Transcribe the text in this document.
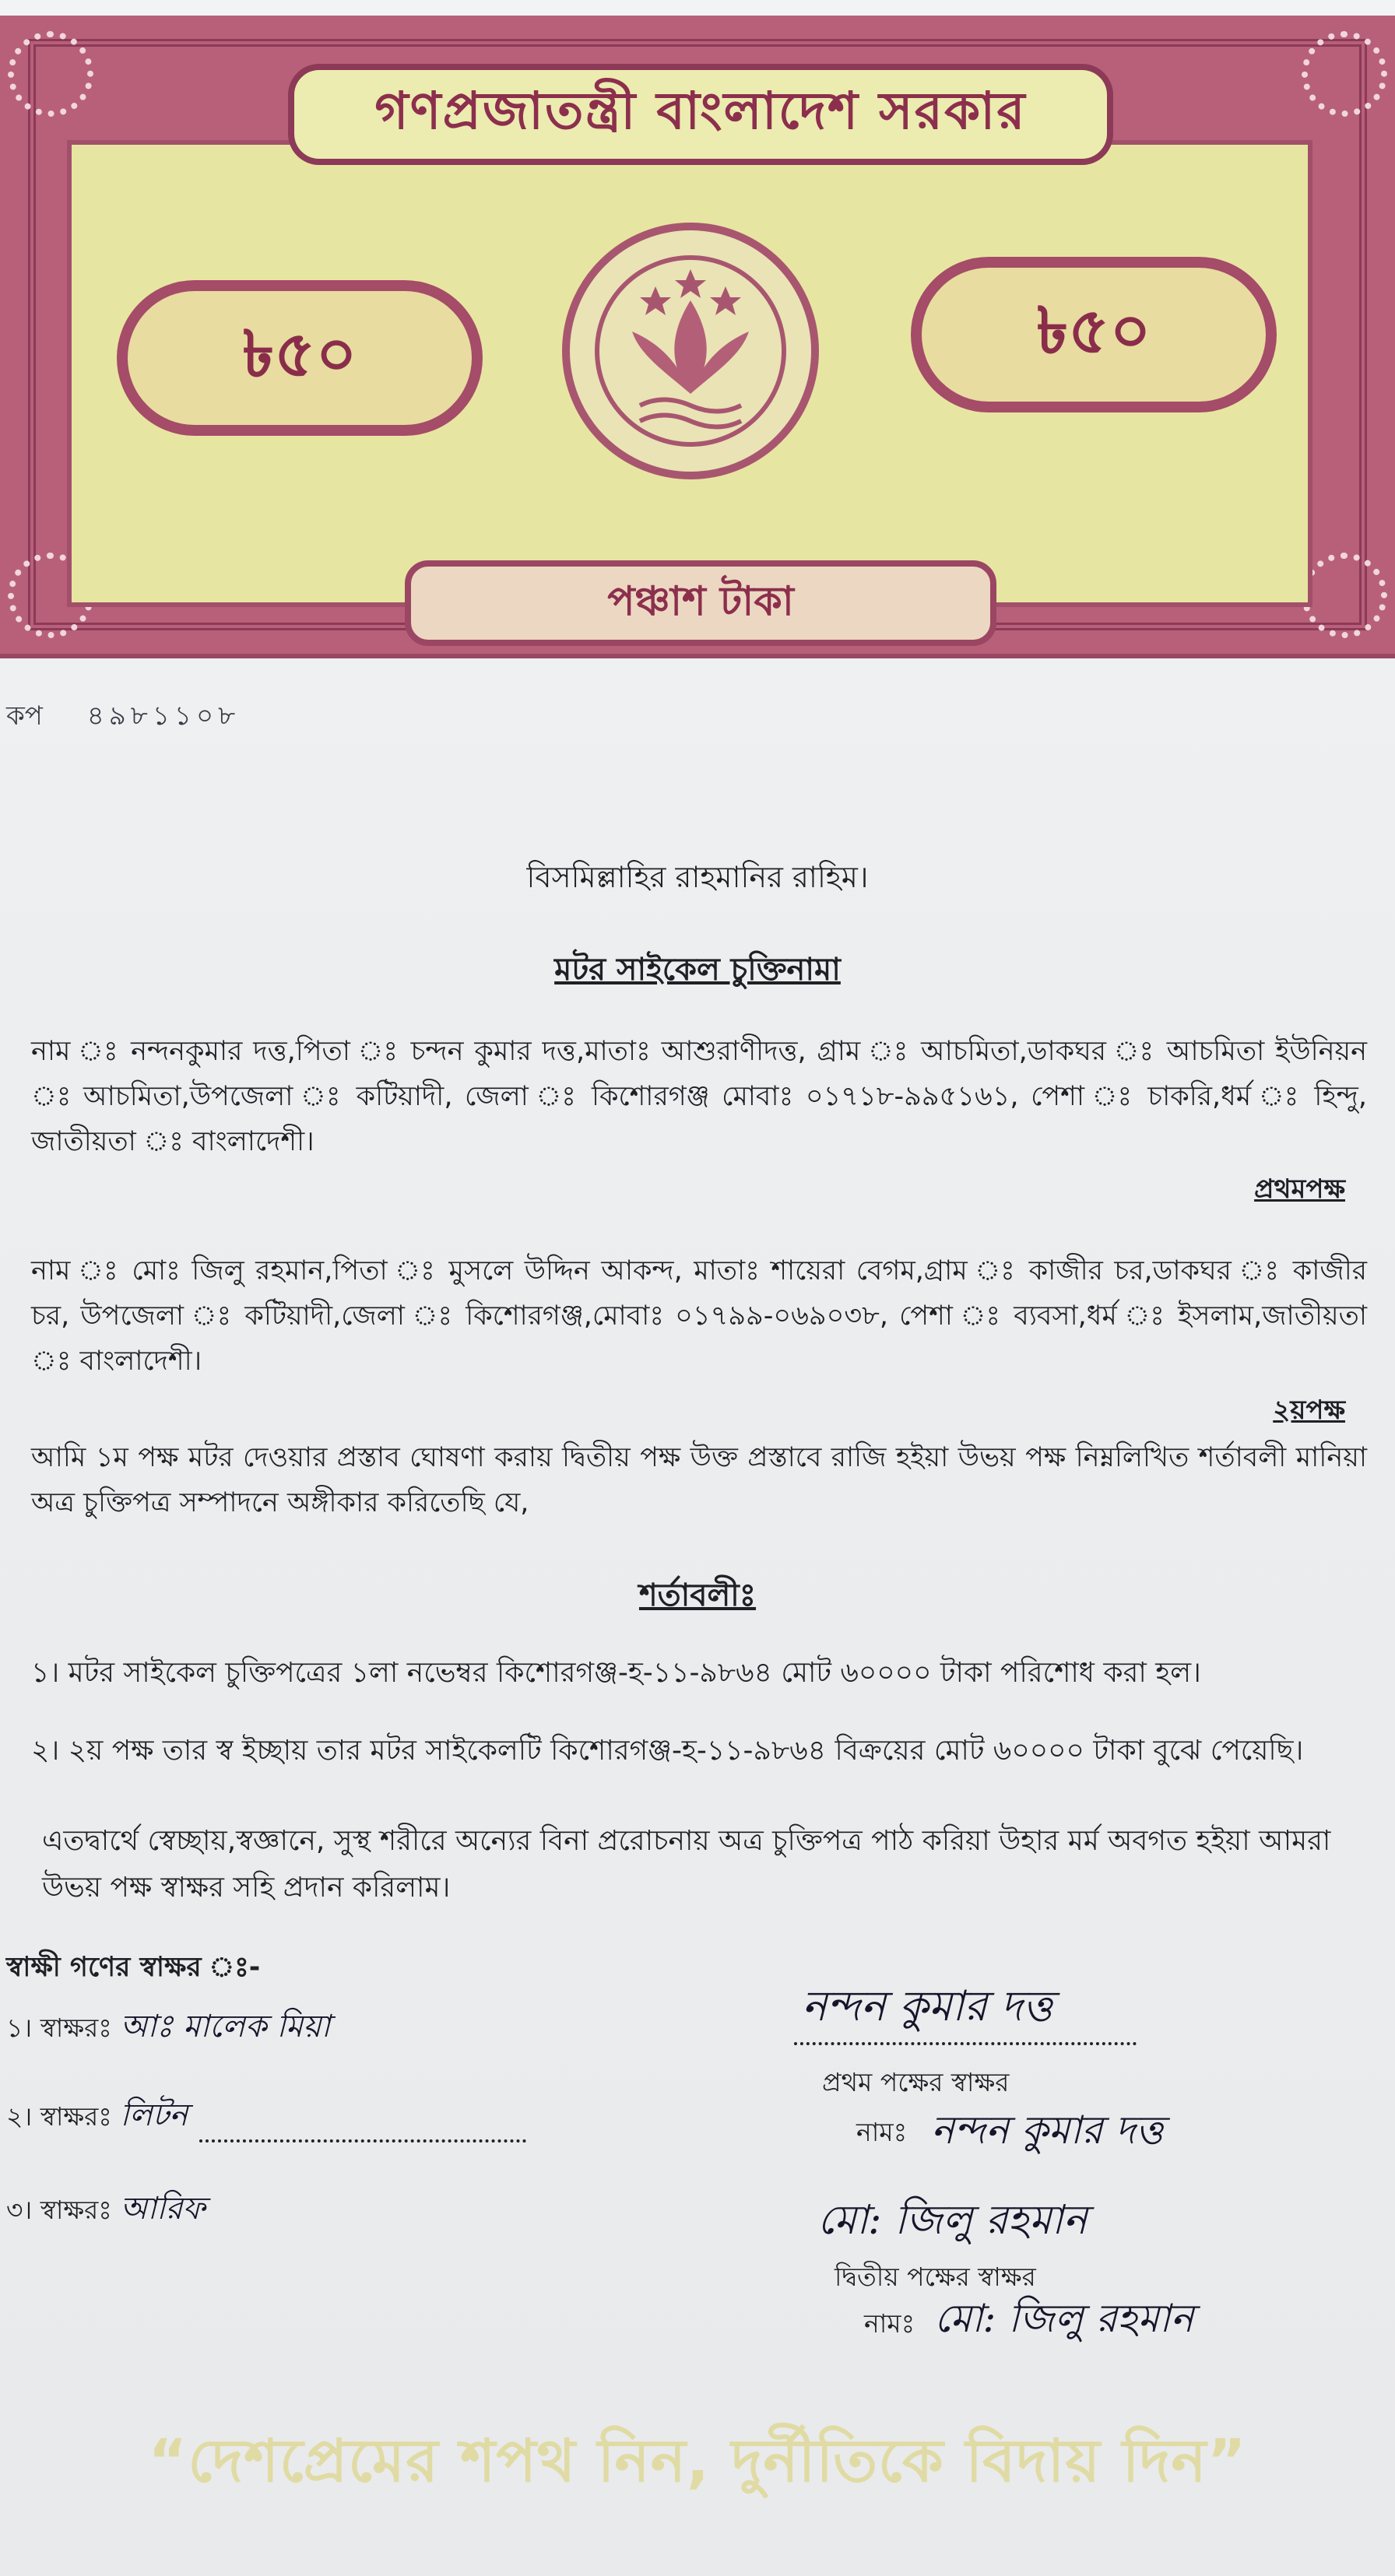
গণপ্রজাতন্ত্রী বাংলাদেশ সরকার
৳৫০	৳৫০
পঞ্চাশ টাকা
কপ ৪৯৮১১০৮
বিসমিল্লাহির রাহমানির রাহিম।
মটর সাইকেল চুক্তিনামা
নাম ঃ নন্দনকুমার দত্ত,পিতা ঃ চন্দন কুমার দত্ত,মাতাঃ আশুরাণীদত্ত, গ্রাম ঃ আচমিতা,ডাকঘর ঃ আচমিতা ইউনিয়ন ঃ আচমিতা,উপজেলা ঃ কটিয়াদী, জেলা ঃ কিশোরগঞ্জ মোবাঃ ০১৭১৮-৯৯৫১৬১, পেশা ঃ চাকরি,ধর্ম ঃ হিন্দু, জাতীয়তা ঃ বাংলাদেশী।
প্রথমপক্ষ
নাম ঃ মোঃ জিলু রহমান,পিতা ঃ মুসলে উদ্দিন আকন্দ, মাতাঃ শায়েরা বেগম,গ্রাম ঃ কাজীর চর,ডাকঘর ঃ কাজীর চর, উপজেলা ঃ কটিয়াদী,জেলা ঃ কিশোরগঞ্জ,মোবাঃ ০১৭৯৯-০৬৯০৩৮, পেশা ঃ ব্যবসা,ধর্ম ঃ ইসলাম,জাতীয়তা ঃ বাংলাদেশী।
২য়পক্ষ
আমি ১ম পক্ষ মটর দেওয়ার প্রস্তাব ঘোষণা করায় দ্বিতীয় পক্ষ উক্ত প্রস্তাবে রাজি হইয়া উভয় পক্ষ নিম্নলিখিত শর্তাবলী মানিয়া অত্র চুক্তিপত্র সম্পাদনে অঙ্গীকার করিতেছি যে,
শর্তাবলীঃ
১। মটর সাইকেল চুক্তিপত্রের ১লা নভেম্বর কিশোরগঞ্জ-হ-১১-৯৮৬৪ মোট ৬০০০০ টাকা পরিশোধ করা হল।
২। ২য় পক্ষ তার স্ব ইচ্ছায় তার মটর সাইকেলটি কিশোরগঞ্জ-হ-১১-৯৮৬৪ বিক্রয়ের মোট ৬০০০০ টাকা বুঝে পেয়েছি।
এতদ্বার্থে স্বেচ্ছায়,স্বজ্ঞানে, সুস্থ শরীরে অন্যের বিনা প্ররোচনায় অত্র চুক্তিপত্র পাঠ করিয়া উহার মর্ম অবগত হইয়া আমরা উভয় পক্ষ স্বাক্ষর সহি প্রদান করিলাম।
স্বাক্ষী গণের স্বাক্ষর ঃ-
১। স্বাক্ষরঃ আঃ মালেক মিয়া
২। স্বাক্ষরঃ লিটন
৩। স্বাক্ষরঃ আরিফ
নন্দন কুমার দত্ত
প্রথম পক্ষের স্বাক্ষর
নামঃ নন্দন কুমার দত্ত
মো: জিলু রহমান
দ্বিতীয় পক্ষের স্বাক্ষর
নামঃ মো: জিলু রহমান
“দেশপ্রেমের শপথ নিন, দুর্নীতিকে বিদায় দিন”
